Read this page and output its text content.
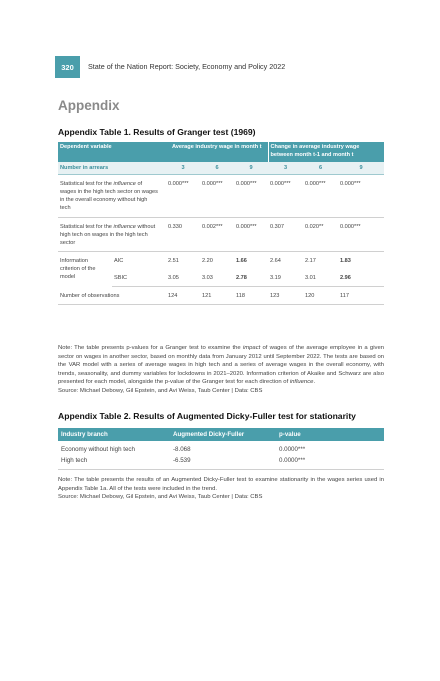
320	State of the Nation Report: Society, Economy and Policy 2022
Appendix
Appendix Table 1. Results of Granger test (1969)
Dependent variable		Average industry wage in month t			Change in average industry wage between month t-1 and month t		
Number in arrears		3	6	9	3	6	9
Statistical test for the influence of wages in the high tech sector on wages in the overall economy without high tech		0.000***	0.000***	0.000***	0.000***	0.000***	0.000***
Statistical test for the influence without high tech on wages in the high tech sector		0.330	0.002***	0.000***	0.307	0.020**	0.000***
Information criterion of the model	AIC	2.51	2.20	1.66	2.64	2.17	1.83
	SBIC	3.05	3.03	2.78	3.19	3.01	2.96
Number of observations		124	121	118	123	120	117
Note: The table presents p-values for a Granger test to examine the impact of wages of the average employee in a given sector on wages in another sector, based on monthly data from January 2012 until September 2022. The tests are based on the VAR model with a series of average wages in high tech and a series of average wages in the overall economy, with trends, seasonality, and dummy variables for lockdowns in 2021–2020. Information criterion of Akaike and Schwarz are also presented for each model, alongside the p-value of the Granger test for each direction of influence.
Source: Michael Debowy, Gil Epstein, and Avi Weiss, Taub Center | Data: CBS
Appendix Table 2. Results of Augmented Dicky-Fuller test for stationarity
Industry branch	Augmented Dicky-Fuller	p-value
Economy without high tech	-8.068	0.0000***
High tech	-6.539	0.0000***
Note: The table presents the results of an Augmented Dicky-Fuller test to examine stationarity in the wages series used in Appendix Table 1a. All of the tests were included in the trend.
Source: Michael Debowy, Gil Epstein, and Avi Weiss, Taub Center | Data: CBS
